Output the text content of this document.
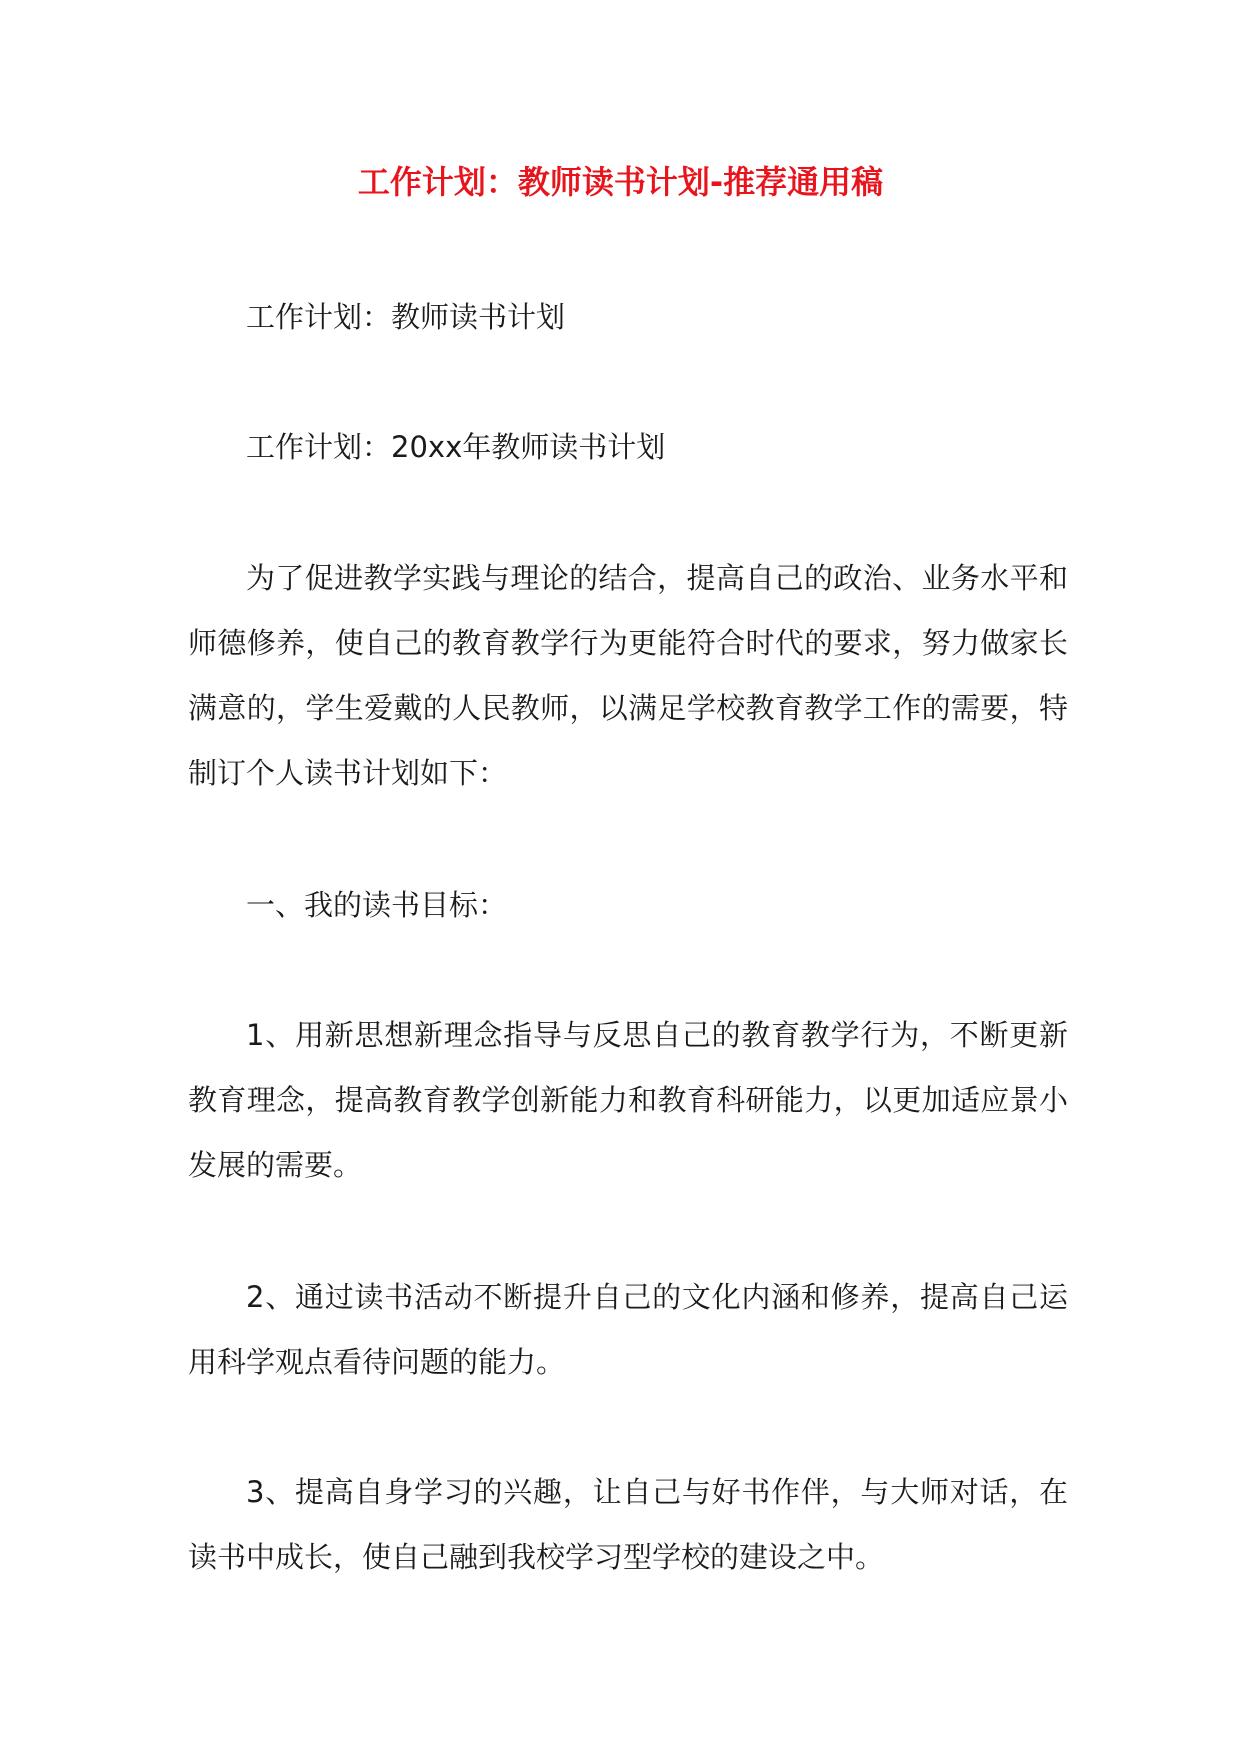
工作计划：教师读书计划-推荐通用稿

工作计划：教师读书计划

工作计划：20xx年教师读书计划

为了促进教学实践与理论的结合，提高自己的政治、业务水平和师德修养，使自己的教育教学行为更能符合时代的要求，努力做家长满意的，学生爱戴的人民教师，以满足学校教育教学工作的需要，特制订个人读书计划如下：

一、我的读书目标：

1、用新思想新理念指导与反思自己的教育教学行为，不断更新教育理念，提高教育教学创新能力和教育科研能力，以更加适应景小发展的需要。

2、通过读书活动不断提升自己的文化内涵和修养，提高自己运用科学观点看待问题的能力。

3、提高自身学习的兴趣，让自己与好书作伴，与大师对话，在读书中成长，使自己融到我校学习型学校的建设之中。
